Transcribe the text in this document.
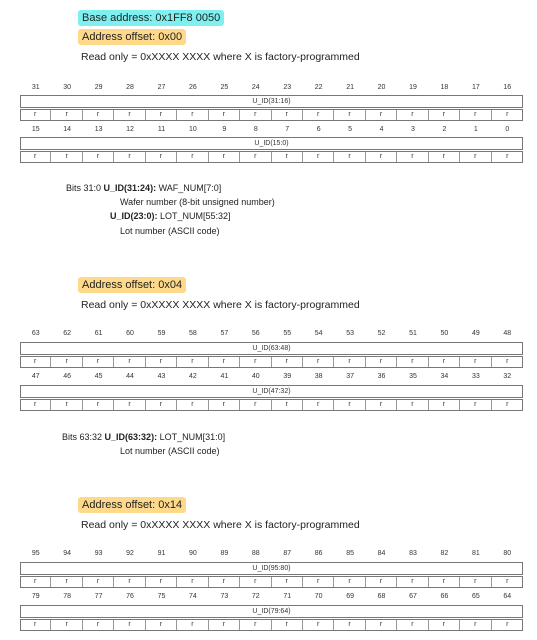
Base address: 0x1FF8 0050
Address offset: 0x00
Read only = 0xXXXX XXXX where X is factory-programmed
31	30	29	28	27	26	25	24	23	22	21	20	19	18	17	16
U_ID(31:16)
r	r	r	r	r	r	r	r	r	r	r	r	r	r	r	r
15	14	13	12	11	10	9	8	7	6	5	4	3	2	1	0
U_ID(15:0)
r	r	r	r	r	r	r	r	r	r	r	r	r	r	r	r
Bits 31:0 U_ID(31:24): WAF_NUM[7:0]
Wafer number (8-bit unsigned number)
U_ID(23:0): LOT_NUM[55:32]
Lot number (ASCII code)
Address offset: 0x04
Read only = 0xXXXX XXXX where X is factory-programmed
63	62	61	60	59	58	57	56	55	54	53	52	51	50	49	48
U_ID(63:48)
r	r	r	r	r	r	r	r	r	r	r	r	r	r	r	r
47	46	45	44	43	42	41	40	39	38	37	36	35	34	33	32
U_ID(47:32)
r	r	r	r	r	r	r	r	r	r	r	r	r	r	r	r
Bits 63:32 U_ID(63:32): LOT_NUM[31:0]
Lot number (ASCII code)
Address offset: 0x14
Read only = 0xXXXX XXXX where X is factory-programmed
95	94	93	92	91	90	89	88	87	86	85	84	83	82	81	80
U_ID(95:80)
r	r	r	r	r	r	r	r	r	r	r	r	r	r	r	r
79	78	77	76	75	74	73	72	71	70	69	68	67	66	65	64
U_ID(79:64)
r	r	r	r	r	r	r	r	r	r	r	r	r	r	r	r
